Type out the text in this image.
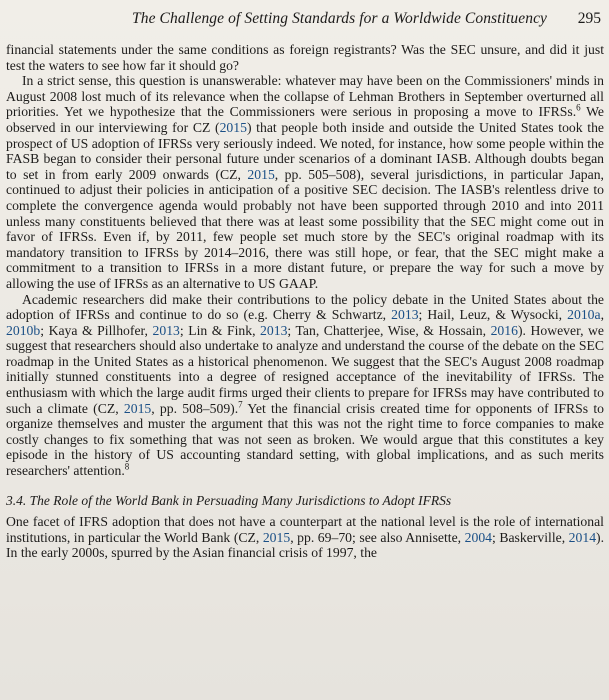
The Challenge of Setting Standards for a Worldwide Constituency 295

financial statements under the same conditions as foreign registrants? Was the SEC unsure, and did it just test the waters to see how far it should go?

In a strict sense, this question is unanswerable: whatever may have been on the Commissioners' minds in August 2008 lost much of its relevance when the collapse of Lehman Brothers in September overturned all priorities. Yet we hypothesize that the Commissioners were serious in proposing a move to IFRSs.$^6$ We observed in our interviewing for CZ (2015) that people both inside and outside the United States took the prospect of US adoption of IFRSs very seriously indeed. We noted, for instance, how some people within the FASB began to consider their personal future under scenarios of a dominant IASB. Although doubts began to set in from early 2009 onwards (CZ, 2015, pp. 505–508), several jurisdictions, in particular Japan, continued to adjust their policies in anticipation of a positive SEC decision. The IASB's relentless drive to complete the convergence agenda would probably not have been supported through 2010 and into 2011 unless many constituents believed that there was at least some possibility that the SEC might come out in favor of IFRSs. Even if, by 2011, few people set much store by the SEC's original roadmap with its mandatory transition to IFRSs by 2014–2016, there was still hope, or fear, that the SEC might make a commitment to a transition to IFRSs in a more distant future, or prepare the way for such a move by allowing the use of IFRSs as an alternative to US GAAP.

Academic researchers did make their contributions to the policy debate in the United States about the adoption of IFRSs and continue to do so (e.g. Cherry & Schwartz, 2013; Hail, Leuz, & Wysocki, 2010a, 2010b; Kaya & Pillhofer, 2013; Lin & Fink, 2013; Tan, Chatterjee, Wise, & Hossain, 2016). However, we suggest that researchers should also undertake to analyze and understand the course of the debate on the SEC roadmap in the United States as a historical phenomenon. We suggest that the SEC's August 2008 roadmap initially stunned constituents into a degree of resigned acceptance of the inevitability of IFRSs. The enthusiasm with which the large audit firms urged their clients to prepare for IFRSs may have contributed to such a climate (CZ, 2015, pp. 508–509).$^7$ Yet the financial crisis created time for opponents of IFRSs to organize themselves and muster the argument that this was not the right time to force companies to make costly changes to fix something that was not seen as broken. We would argue that this constitutes a key episode in the history of US accounting standard setting, with global implications, and as such merits researchers' attention.$^8$

3.4. The Role of the World Bank in Persuading Many Jurisdictions to Adopt IFRSs

One facet of IFRS adoption that does not have a counterpart at the national level is the role of international institutions, in particular the World Bank (CZ, 2015, pp. 69–70; see also Annisette, 2004; Baskerville, 2014). In the early 2000s, spurred by the Asian financial crisis of 1997, the
